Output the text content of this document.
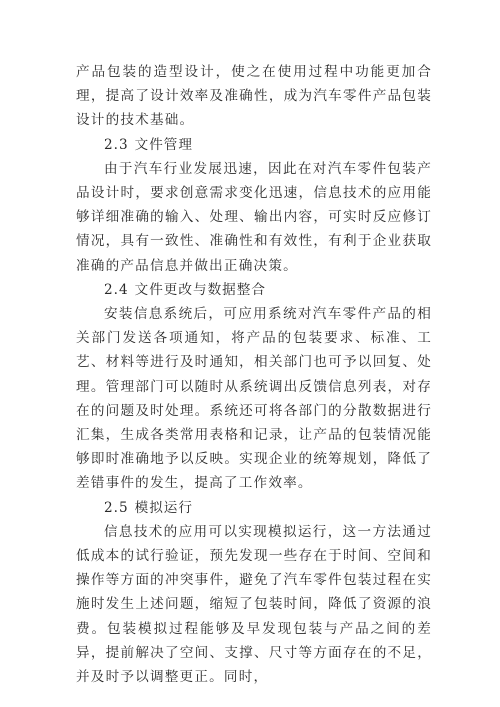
产品包装的造型设计，使之在使用过程中功能更加合理，提高了设计效率及准确性，成为汽车零件产品包装设计的技术基础。

2.3 文件管理

由于汽车行业发展迅速，因此在对汽车零件包装产品设计时，要求创意需求变化迅速，信息技术的应用能够详细准确的输入、处理、输出内容，可实时反应修订情况，具有一致性、准确性和有效性，有利于企业获取准确的产品信息并做出正确决策。

2.4 文件更改与数据整合

安装信息系统后，可应用系统对汽车零件产品的相关部门发送各项通知，将产品的包装要求、标准、工艺、材料等进行及时通知，相关部门也可予以回复、处理。管理部门可以随时从系统调出反馈信息列表，对存在的问题及时处理。系统还可将各部门的分散数据进行汇集，生成各类常用表格和记录，让产品的包装情况能够即时准确地予以反映。实现企业的统筹规划，降低了差错事件的发生，提高了工作效率。

2.5 模拟运行

信息技术的应用可以实现模拟运行，这一方法通过低成本的试行验证，预先发现一些存在于时间、空间和操作等方面的冲突事件，避免了汽车零件包装过程在实施时发生上述问题，缩短了包装时间，降低了资源的浪费。包装模拟过程能够及早发现包装与产品之间的差异，提前解决了空间、支撑、尺寸等方面存在的不足，并及时予以调整更正。同时，
